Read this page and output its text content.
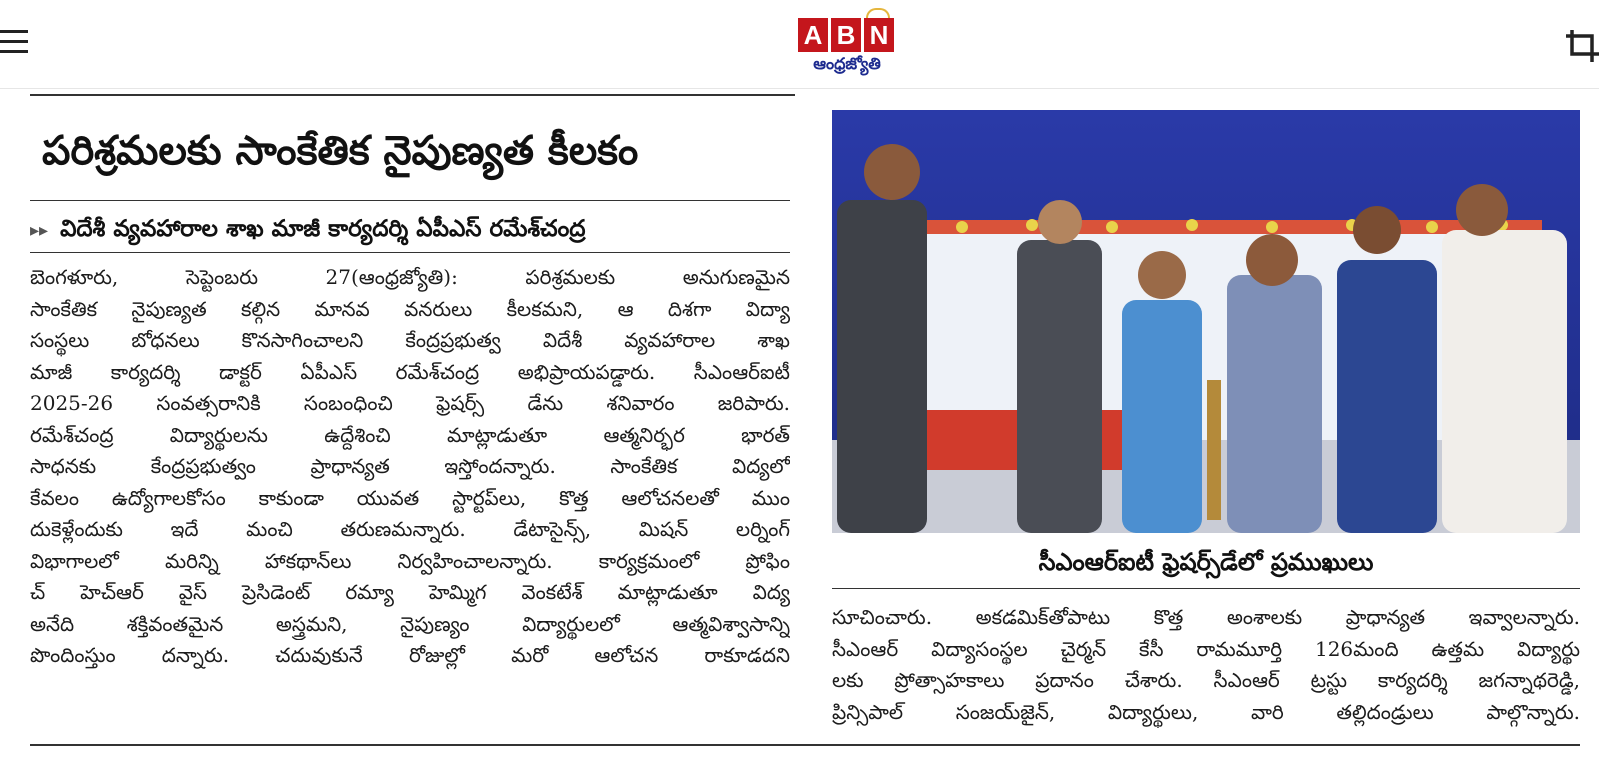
A B N
ఆంధ్రజ్యోతి
పరిశ్రమలకు సాంకేతిక నైపుణ్యత కీలకం
▸▸ విదేశీ వ్యవహారాల శాఖ మాజీ కార్యదర్శి ఏపీఎస్ రమేశ్‌చంద్ర
బెంగళూరు, సెప్టెంబరు 27(ఆంధ్రజ్యోతి): పరిశ్రమలకు అనుగుణమైన
సాంకేతిక నైపుణ్యత కల్గిన మానవ వనరులు కీలకమని, ఆ దిశగా విద్యా
సంస్థలు బోధనలు కొనసాగించాలని కేంద్రప్రభుత్వ విదేశీ వ్యవహారాల శాఖ
మాజీ కార్యదర్శి డాక్టర్ ఏపీఎస్ రమేశ్‌చంద్ర అభిప్రాయపడ్డారు. సీఎంఆర్ఐటీ
2025-26 సంవత్సరానికి సంబంధించి ఫ్రెషర్స్ డేను శనివారం జరిపారు.
రమేశ్‌చంద్ర విద్యార్థులను ఉద్దేశించి మాట్లాడుతూ ఆత్మనిర్భర భారత్
సాధనకు కేంద్రప్రభుత్వం ప్రాధాన్యత ఇస్తోందన్నారు. సాంకేతిక విద్యలో
కేవలం ఉద్యోగాలకోసం కాకుండా యువత స్టార్టప్‌లు, కొత్త ఆలోచనలతో ముం
దుకెళ్లేందుకు ఇదే మంచి తరుణమన్నారు. డేటాసైన్స్, మిషన్ లర్నింగ్
విభాగాలలో మరిన్ని హాకథాన్‌లు నిర్వహించాలన్నారు. కార్యక్రమంలో ప్రోఫిం
చ్ హెచ్‌ఆర్ వైస్ ప్రెసిడెంట్ రమ్యా హెమ్మిగ వెంకటేశ్ మాట్లాడుతూ విద్య
అనేది శక్తివంతమైన అస్త్రమని, నైపుణ్యం విద్యార్థులలో ఆత్మవిశ్వాసాన్ని
పొందింస్తుం దన్నారు. చదువుకునే రోజుల్లో మరో ఆలోచన రాకూడదని
సీఎంఆర్ఐటీ ఫ్రెషర్స్‌డేలో ప్రముఖులు
సూచించారు. అకడమిక్‌తోపాటు కొత్త అంశాలకు ప్రాధాన్యత ఇవ్వాలన్నారు.
సీఎంఆర్ విద్యాసంస్థల చైర్మన్ కేసీ రామమూర్తి 126మంది ఉత్తమ విద్యార్థు
లకు ప్రోత్సాహకాలు ప్రదానం చేశారు. సీఎంఆర్ ట్రస్టు కార్యదర్శి జగన్నాథరెడ్డి,
ప్రిన్సిపాల్ సంజయ్‌జైన్, విద్యార్థులు, వారి తల్లిదండ్రులు పాల్గొన్నారు.
